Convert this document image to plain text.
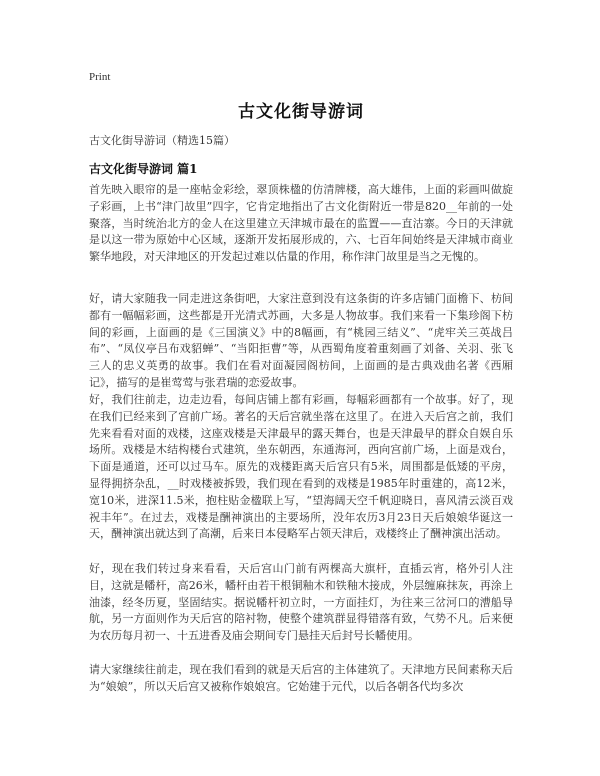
Print
古文化街导游词
古文化街导游词（精选15篇）
古文化街导游词 篇1

首先映入眼帘的是一座帖金彩绘，翠顶株楹的仿清牌楼，高大雄伟，上面的彩画叫做旋子彩画，上书“津门故里”四字，它肯定地指出了古文化街附近一带是820__年前的一处聚落，当时统治北方的金人在这里建立天津城市最在的监置——直沽寨。今日的天津就是以这一带为原始中心区域，逐渐开发拓展形成的，六、七百年间始终是天津城市商业繁华地段，对天津地区的开发起过难以估量的作用，称作津门故里是当之无愧的。

好，请大家随我一同走进这条街吧，大家注意到没有这条街的许多店铺门面檐下、枋间都有一幅幅彩画，这些都是开光清式苏画，大多是人物故事。我们来看一下集珍阁下枋间的彩画，上面画的是《三国演义》中的8幅画，有“桃园三结义”、“虎牢关三英战吕布”、“凤仪亭吕布戏貂蝉”、“当阳拒曹”等，从西蜀角度着重刻画了刘备、关羽、张飞三人的忠义英勇的故事。我们在看对面凝园阁枋间，上面画的是古典戏曲名著《西厢记》，描写的是崔莺莺与张君瑞的恋爱故事。

好，我们往前走，边走边看，每间店铺上都有彩画，每幅彩画都有一个故事。好了，现在我们已经来到了宫前广场。著名的天后宫就坐落在这里了。在进入天后宫之前，我们先来看看对面的戏楼，这座戏楼是天津最早的露天舞台，也是天津最早的群众自娱自乐场所。戏楼是木结构楼台式建筑，坐东朝西，东通海河，西向宫前广场，上面是戏台，下面是通道，还可以过马车。原先的戏楼距离天后宫只有5米，周围都是低矮的平房，显得拥挤杂乱，__时戏楼被拆毁，我们现在看到的戏楼是1985年时重建的，高12米，宽10米，进深11.5米，抱柱贴金楹联上写，“望海阔天空千帆迎晓日，喜风清云淡百戏祝丰年”。在过去，戏楼是酬神演出的主要场所，没年农历3月23日天后娘娘华诞这一天，酬神演出就达到了高潮，后来日本侵略军占领天津后，戏楼终止了酬神演出活动。

好，现在我们转过身来看看，天后宫山门前有两棵高大旗杆，直插云宵，格外引人注目，这就是幡杆，高26米，幡杆由若干根铜釉木和铁釉木接成，外层缠麻抹灰，再涂上油漆，经冬历夏，坚固结实。据说幡杆初立时，一方面挂灯，为往来三岔河口的漕船导航，另一方面则作为天后宫的陪衬物，使整个建筑群显得错落有致，气势不凡。后来便为农历每月初一、十五进香及庙会期间专门悬挂天后封号长幡使用。

请大家继续往前走，现在我们看到的就是天后宫的主体建筑了。天津地方民间素称天后为“娘娘”，所以天后宫又被称作娘娘宫。它始建于元代，以后各朝各代均多次
